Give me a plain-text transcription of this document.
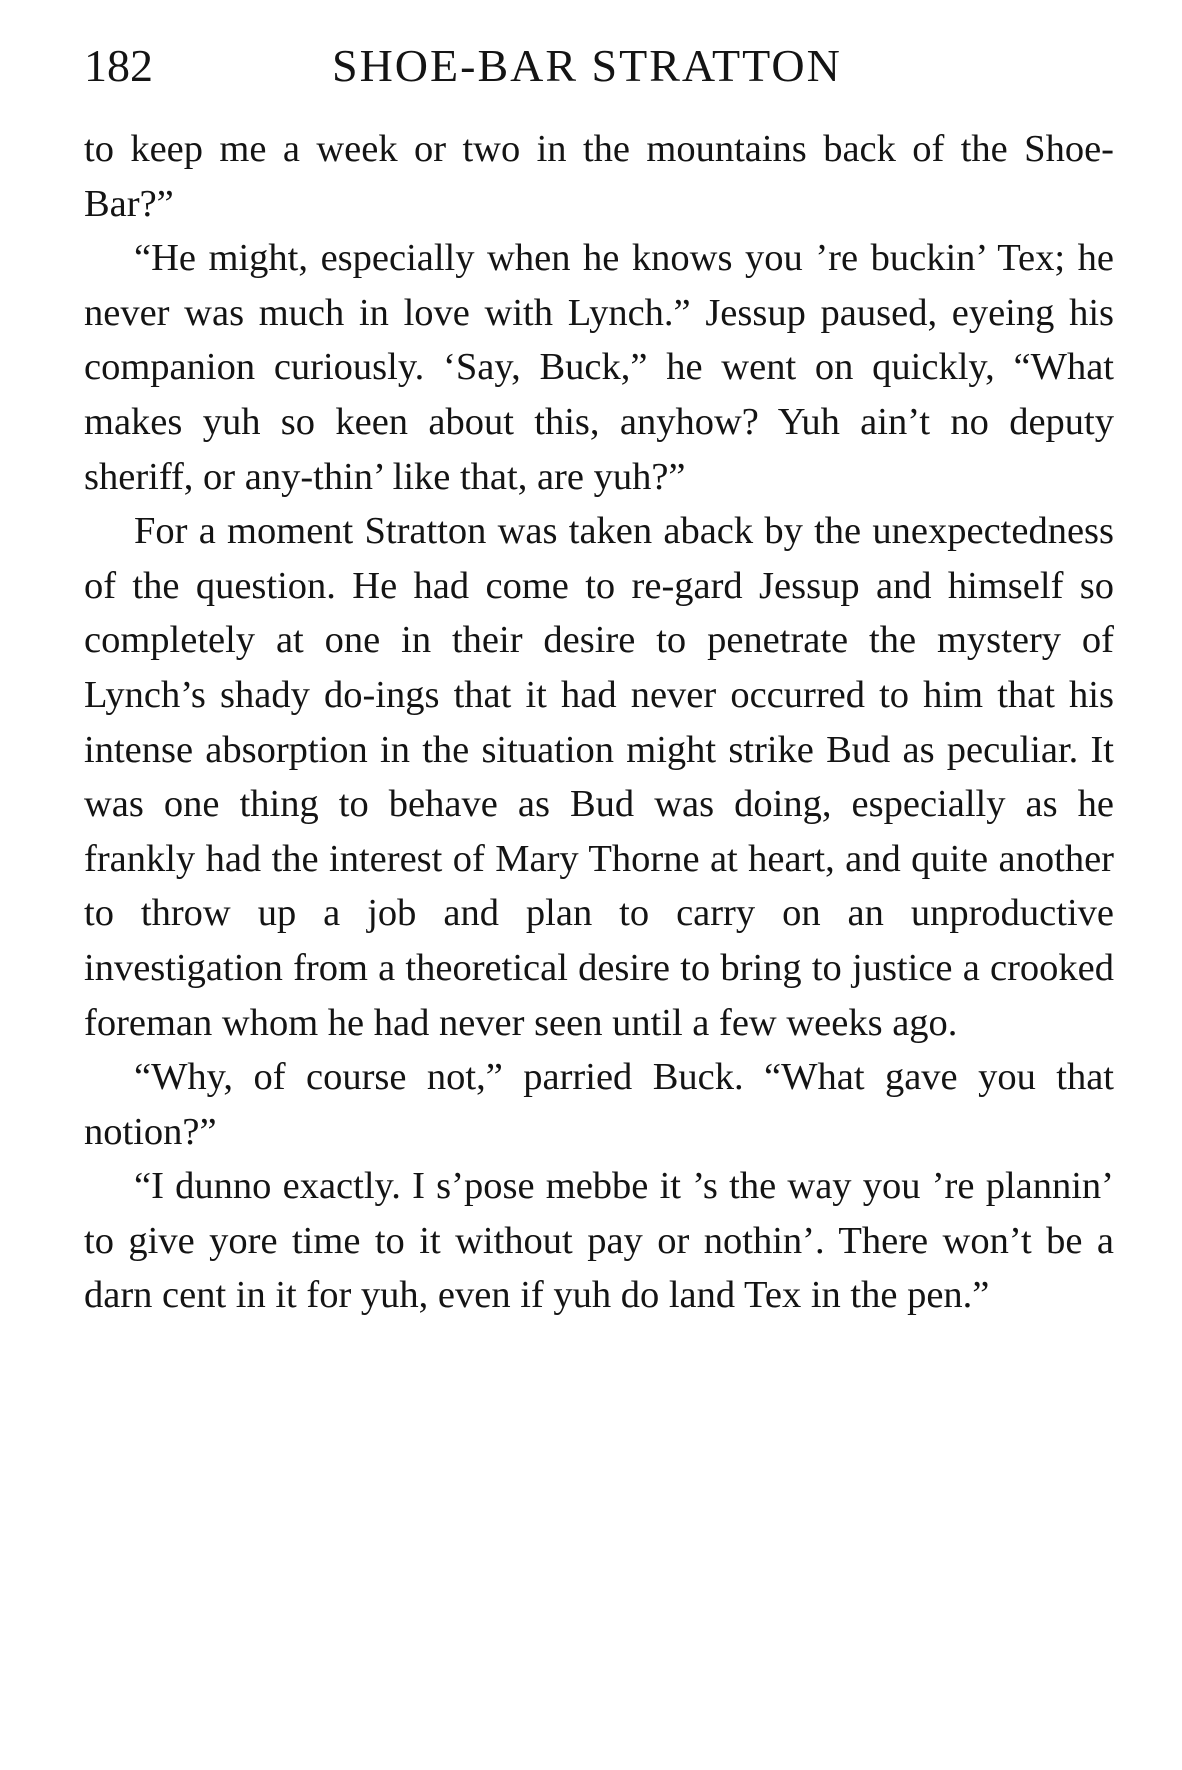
182	SHOE-BAR STRATTON

to keep me a week or two in the mountains back of the Shoe-Bar?”

“He might, especially when he knows you ’re buckin’ Tex; he never was much in love with Lynch.” Jessup paused, eyeing his companion curiously. ‘Say, Buck,” he went on quickly, “What makes yuh so keen about this, anyhow? Yuh ain’t no deputy sheriff, or any-thin’ like that, are yuh?”

For a moment Stratton was taken aback by the unexpectedness of the question. He had come to re-gard Jessup and himself so completely at one in their desire to penetrate the mystery of Lynch’s shady do-ings that it had never occurred to him that his intense absorption in the situation might strike Bud as peculiar. It was one thing to behave as Bud was doing, especially as he frankly had the interest of Mary Thorne at heart, and quite another to throw up a job and plan to carry on an unproductive investigation from a theoretical desire to bring to justice a crooked foreman whom he had never seen until a few weeks ago.

“Why, of course not,” parried Buck. “What gave you that notion?”

“I dunno exactly. I s’pose mebbe it ’s the way you ’re plannin’ to give yore time to it without pay or nothin’. There won’t be a darn cent in it for yuh, even if yuh do land Tex in the pen.”
